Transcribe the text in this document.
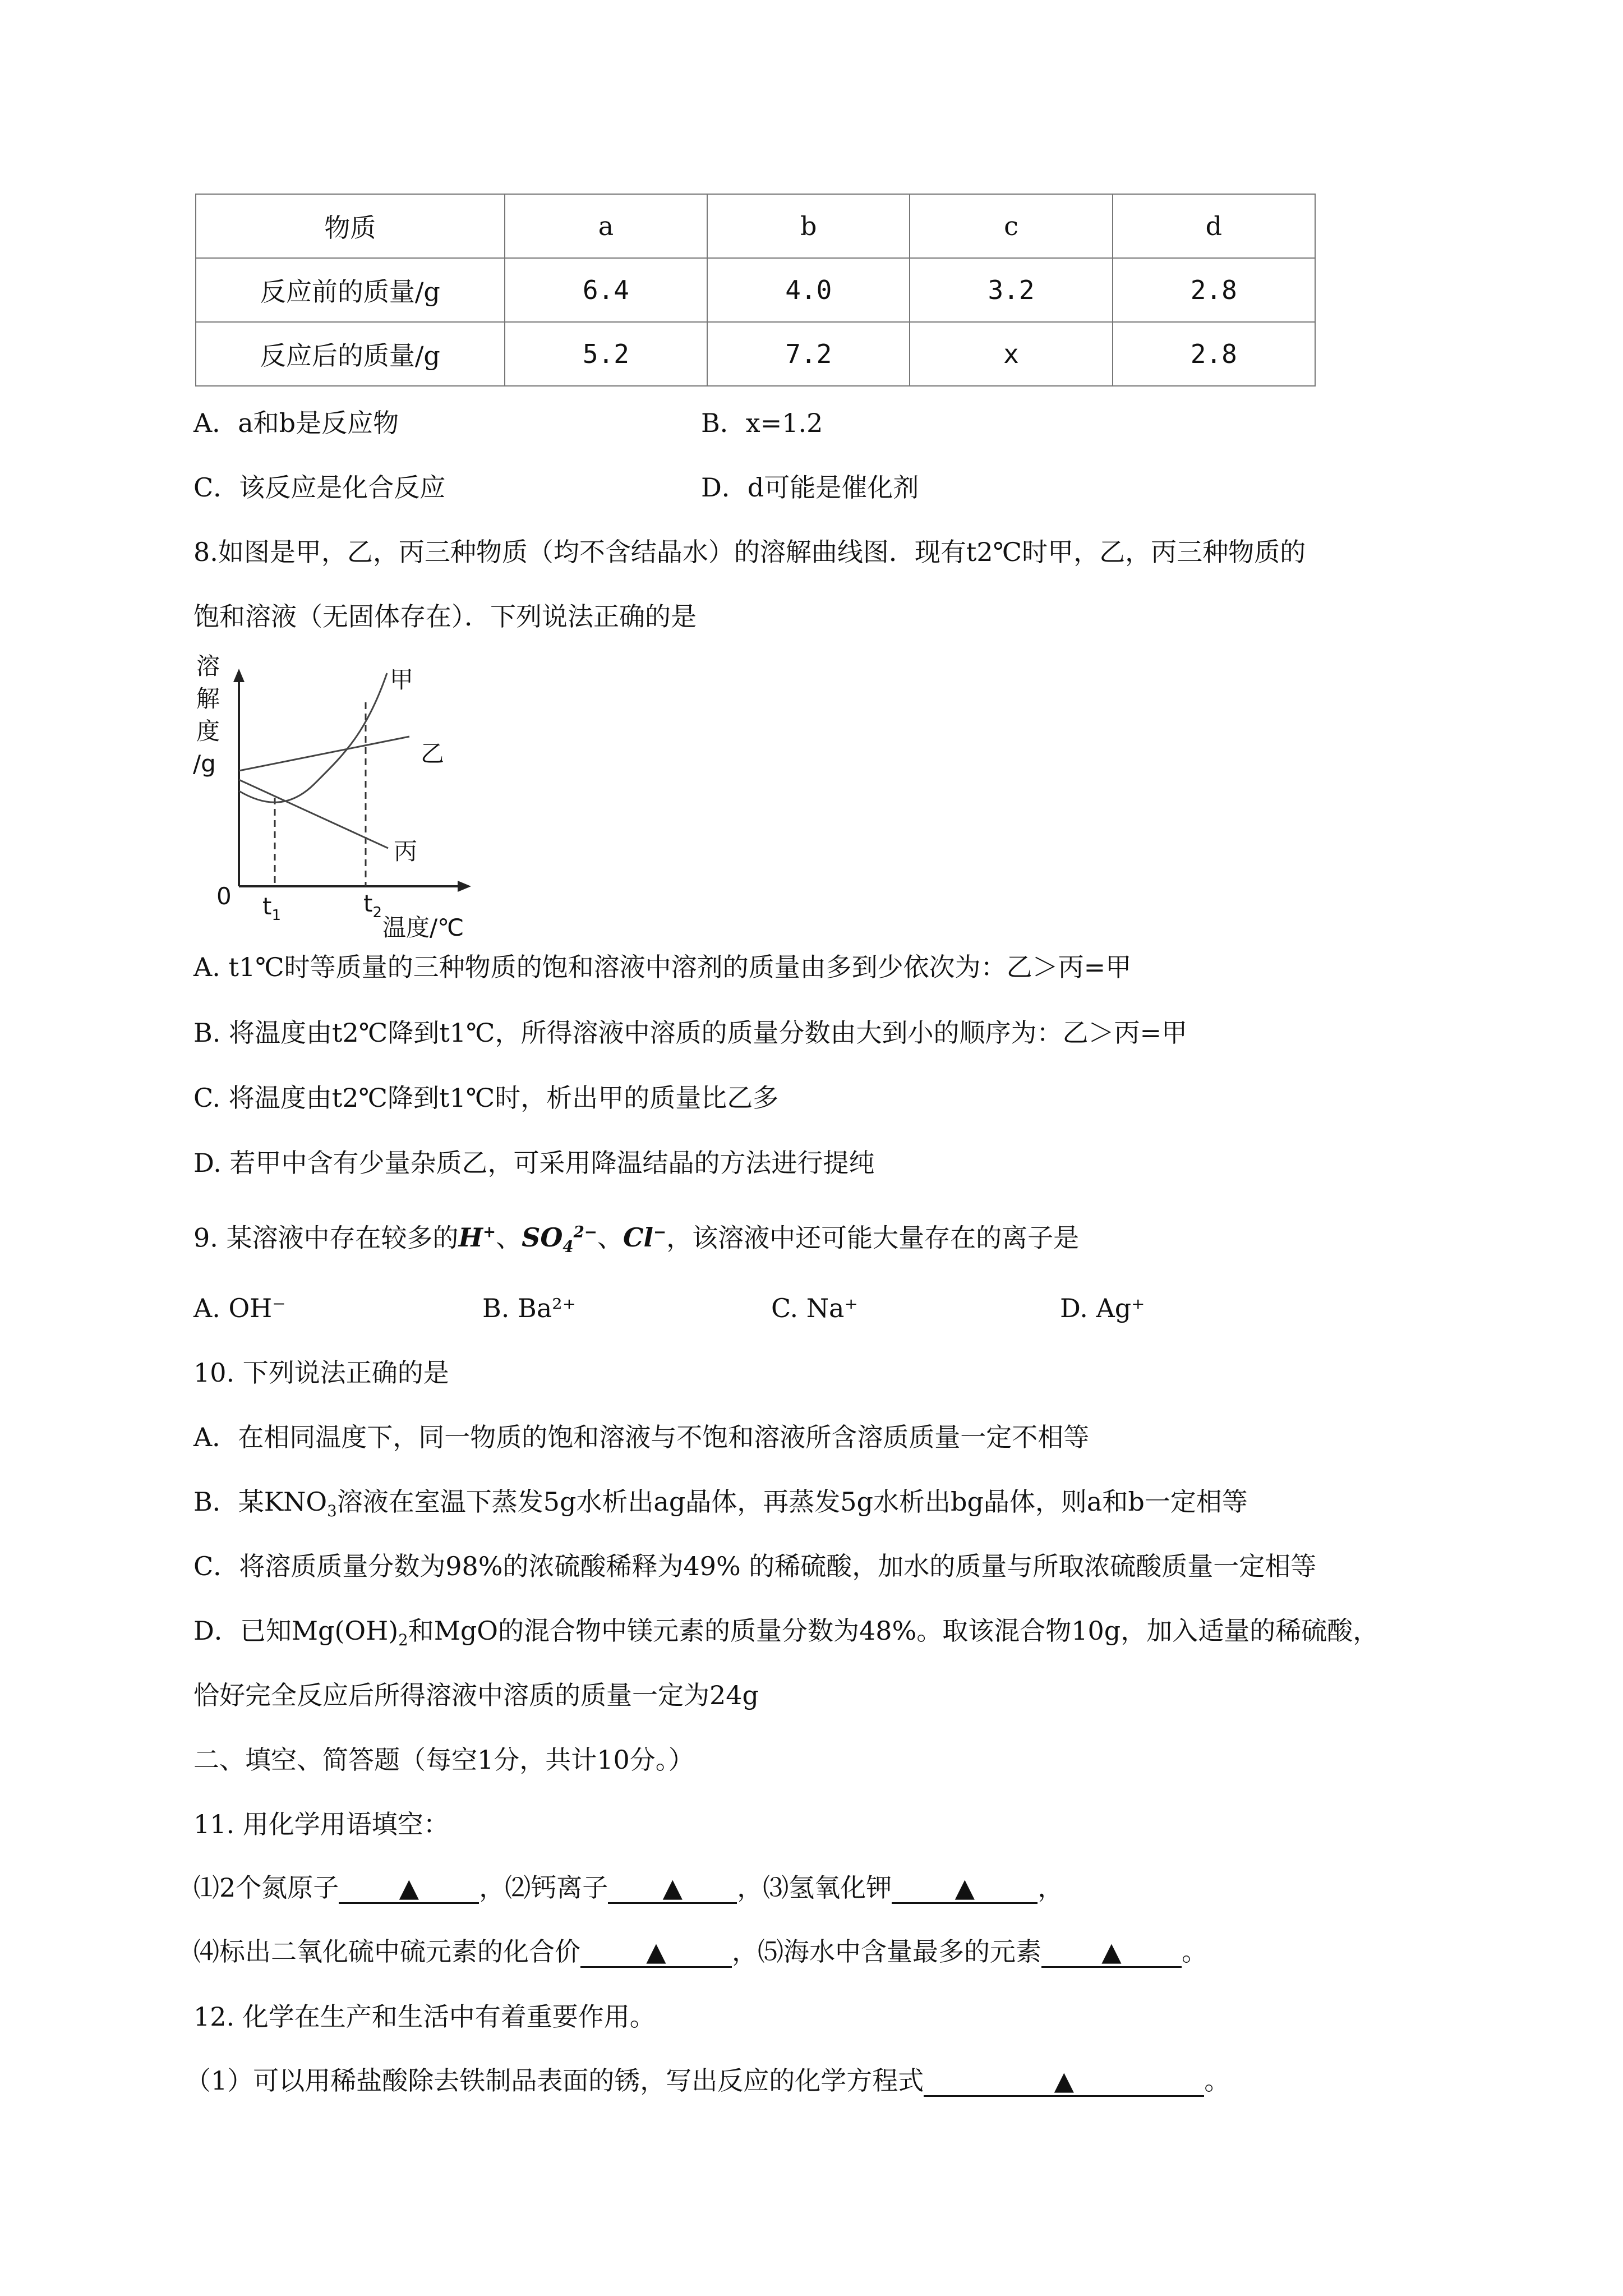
物质	a	b	c	d
反应前的质量/g	6.4	4.0	3.2	2.8
反应后的质量/g	5.2	7.2	x	2.8
A．a和b是反应物	B．x=1.2
C．该反应是化合反应	D．d可能是催化剂
8.如图是甲，乙，丙三种物质（均不含结晶水）的溶解曲线图．现有t2℃时甲，乙，丙三种物质的
饱和溶液（无固体存在）．下列说法正确的是
溶
解
度
/g
0 $t_1$	$t_2$
温度/℃
甲
乙
丙
A. t1℃时等质量的三种物质的饱和溶液中溶剂的质量由多到少依次为：乙＞丙=甲
B. 将温度由t2℃降到t1℃，所得溶液中溶质的质量分数由大到小的顺序为：乙＞丙=甲
C. 将温度由t2℃降到t1℃时，析出甲的质量比乙多
D. 若甲中含有少量杂质乙，可采用降温结晶的方法进行提纯
9. 某溶液中存在较多的H+、$SO_4^{2-}$、Cl−，该溶液中还可能大量存在的离子是
A. OH⁻	B. Ba²⁺	C. Na⁺	D. Ag⁺
10. 下列说法正确的是
A．在相同温度下，同一物质的饱和溶液与不饱和溶液所含溶质质量一定不相等
B．某$KNO_3$溶液在室温下蒸发5g水析出ag晶体，再蒸发5g水析出bg晶体，则a和b一定相等
C．将溶质质量分数为98%的浓硫酸稀释为49% 的稀硫酸，加水的质量与所取浓硫酸质量一定相等
D．已知$Mg(OH)_2$和MgO的混合物中镁元素的质量分数为48%。取该混合物10g，加入适量的稀硫酸，
恰好完全反应后所得溶液中溶质的质量一定为24g
二、填空、简答题（每空1分，共计10分。）
11. 用化学用语填空：
⑴2个氮原子 ▲ ，⑵钙离子 ▲ ，⑶氢氧化钾 ▲ ，
⑷标出二氧化硫中硫元素的化合价	▲	，⑸海水中含量最多的元素 ▲ 。
12. 化学在生产和生活中有着重要作用。
（1）可以用稀盐酸除去铁制品表面的锈，写出反应的化学方程式	▲	。
